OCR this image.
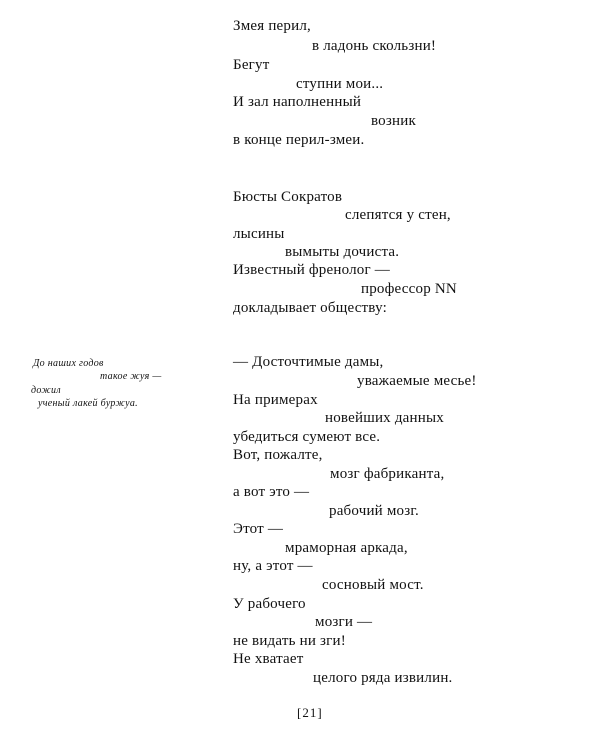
Змея перил,
в ладонь скользни!
Бегут
ступни мои...
И зал наполненный
возник
в конце перил-змеи.
Бюсты Сократов
слепятся у стен,
лысины
вымыты дочиста.
Известный френолог —
профессор NN
докладывает обществу:
До наших годов
такое жуя —
дожил
ученый лакей буржуа.
— Досточтимые дамы,
уважаемые месье!
На примерах
новейших данных
убедиться сумеют все.
Вот, пожалте,
мозг фабриканта,
а вот это —
рабочий мозг.
Этот —
мраморная аркада,
ну, а этот —
сосновый мост.
У рабочего
мозги —
не видать ни зги!
Не хватает
целого ряда извилин.
[21]
